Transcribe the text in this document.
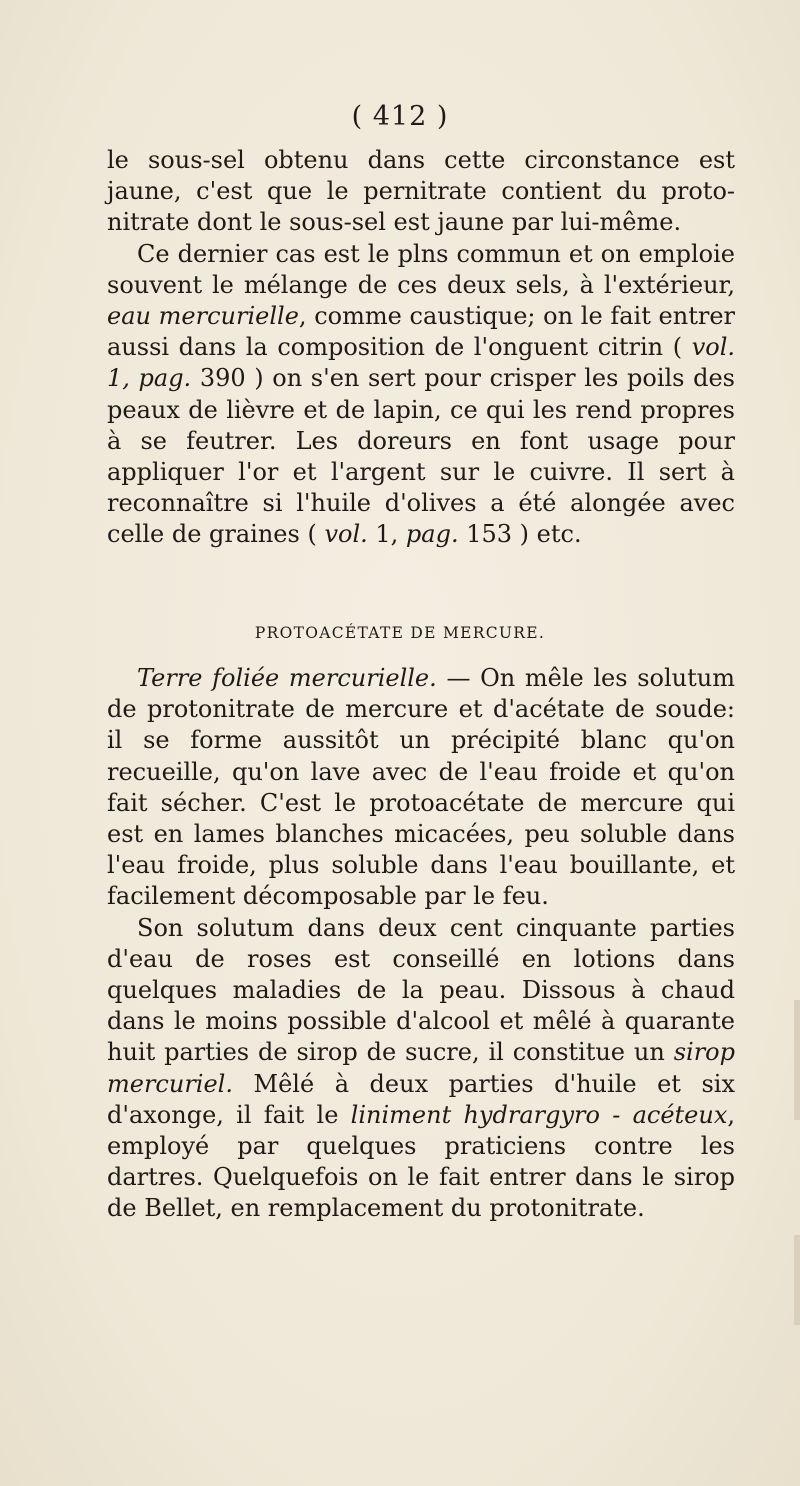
( 412 )

le sous-sel obtenu dans cette circonstance est jaune, c'est que le pernitrate contient du proto-nitrate dont le sous-sel est jaune par lui-même.

Ce dernier cas est le plns commun et on emploie souvent le mélange de ces deux sels, à l'extérieur, eau mercurielle, comme caustique; on le fait entrer aussi dans la composition de l'onguent citrin ( vol. 1, pag. 390 ) on s'en sert pour crisper les poils des peaux de lièvre et de lapin, ce qui les rend propres à se feutrer. Les doreurs en font usage pour appliquer l'or et l'argent sur le cuivre. Il sert à reconnaître si l'huile d'olives a été alongée avec celle de graines ( vol. 1, pag. 153 ) etc.

PROTOACÉTATE DE MERCURE.

Terre foliée mercurielle. — On mêle les solutum de protonitrate de mercure et d'acétate de soude: il se forme aussitôt un précipité blanc qu'on recueille, qu'on lave avec de l'eau froide et qu'on fait sécher. C'est le protoacétate de mercure qui est en lames blanches micacées, peu soluble dans l'eau froide, plus soluble dans l'eau bouillante, et facilement décomposable par le feu.

Son solutum dans deux cent cinquante parties d'eau de roses est conseillé en lotions dans quelques maladies de la peau. Dissous à chaud dans le moins possible d'alcool et mêlé à quarante huit parties de sirop de sucre, il constitue un sirop mercuriel. Mêlé à deux parties d'huile et six d'axonge, il fait le liniment hydrargyro - acéteux, employé par quelques praticiens contre les dartres. Quelquefois on le fait entrer dans le sirop de Bellet, en remplacement du protonitrate.
